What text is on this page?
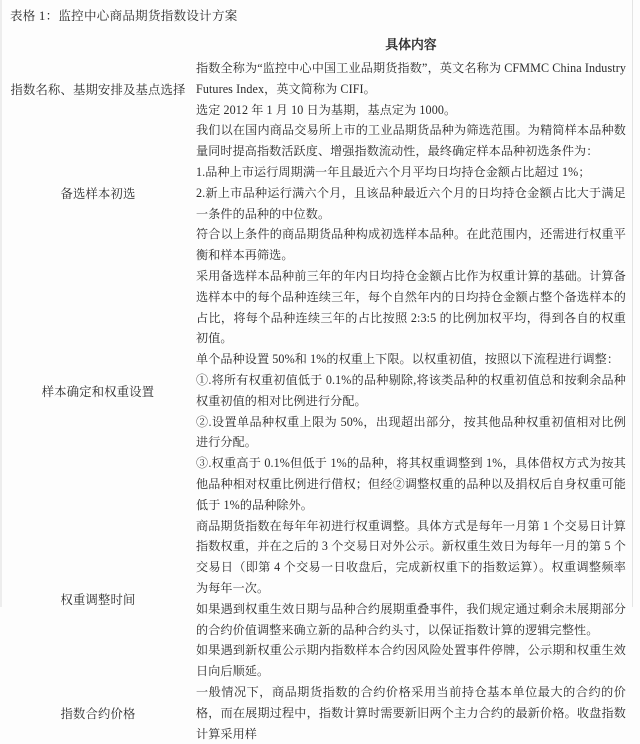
表格 1：监控中心商品期货指数设计方案
具体内容
指数名称、基期安排及基点选择

指数全称为“监控中心中国工业品期货指数”，英文名称为 CFMMC China Industry Futures Index，英文简称为 CIFI。

选定 2012 年 1 月 10 日为基期，基点定为 1000。

备选样本初选

我们以在国内商品交易所上市的工业品期货品种为筛选范围。为精简样本品种数量同时提高指数活跃度、增强指数流动性，最终确定样本品种初选条件为：

1.品种上市运行周期满一年且最近六个月平均日均持仓金额占比超过 1%；

2.新上市品种运行满六个月，且该品种最近六个月的日均持仓金额占比大于满足一条件的品种的中位数。

符合以上条件的商品期货品种构成初选样本品种。在此范围内，还需进行权重平衡和样本再筛选。

样本确定和权重设置

采用备选样本品种前三年的年内日均持仓金额占比作为权重计算的基础。计算备选样本中的每个品种连续三年，每个自然年内的日均持仓金额占整个备选样本的占比，将每个品种连续三年的占比按照 2:3:5 的比例加权平均，得到各自的权重初值。

单个品种设置 50%和 1%的权重上下限。以权重初值，按照以下流程进行调整：

①.将所有权重初值低于 0.1%的品种剔除,将该类品种的权重初值总和按剩余品种权重初值的相对比例进行分配。

②.设置单品种权重上限为 50%，出现超出部分，按其他品种权重初值相对比例进行分配。

③.权重高于 0.1%但低于 1%的品种，将其权重调整到 1%，具体借权方式为按其他品种相对权重比例进行借权；但经②调整权重的品种以及捐权后自身权重可能低于 1%的品种除外。

权重调整时间

商品期货指数在每年年初进行权重调整。具体方式是每年一月第 1 个交易日计算指数权重，并在之后的 3 个交易日对外公示。新权重生效日为每年一月的第 5 个交易日（即第 4 个交易一日收盘后，完成新权重下的指数运算）。权重调整频率为每年一次。

如果遇到权重生效日期与品种合约展期重叠事件，我们规定通过剩余未展期部分的合约价值调整来确立新的品种合约头寸，以保证指数计算的逻辑完整性。

如果遇到新权重公示期内指数样本合约因风险处置事件停牌，公示期和权重生效日向后顺延。

指数合约价格

一般情况下，商品期货指数的合约价格采用当前持仓基本单位最大的合约的价格，而在展期过程中，指数计算时需要新旧两个主力合约的最新价格。收盘指数计算采用样
